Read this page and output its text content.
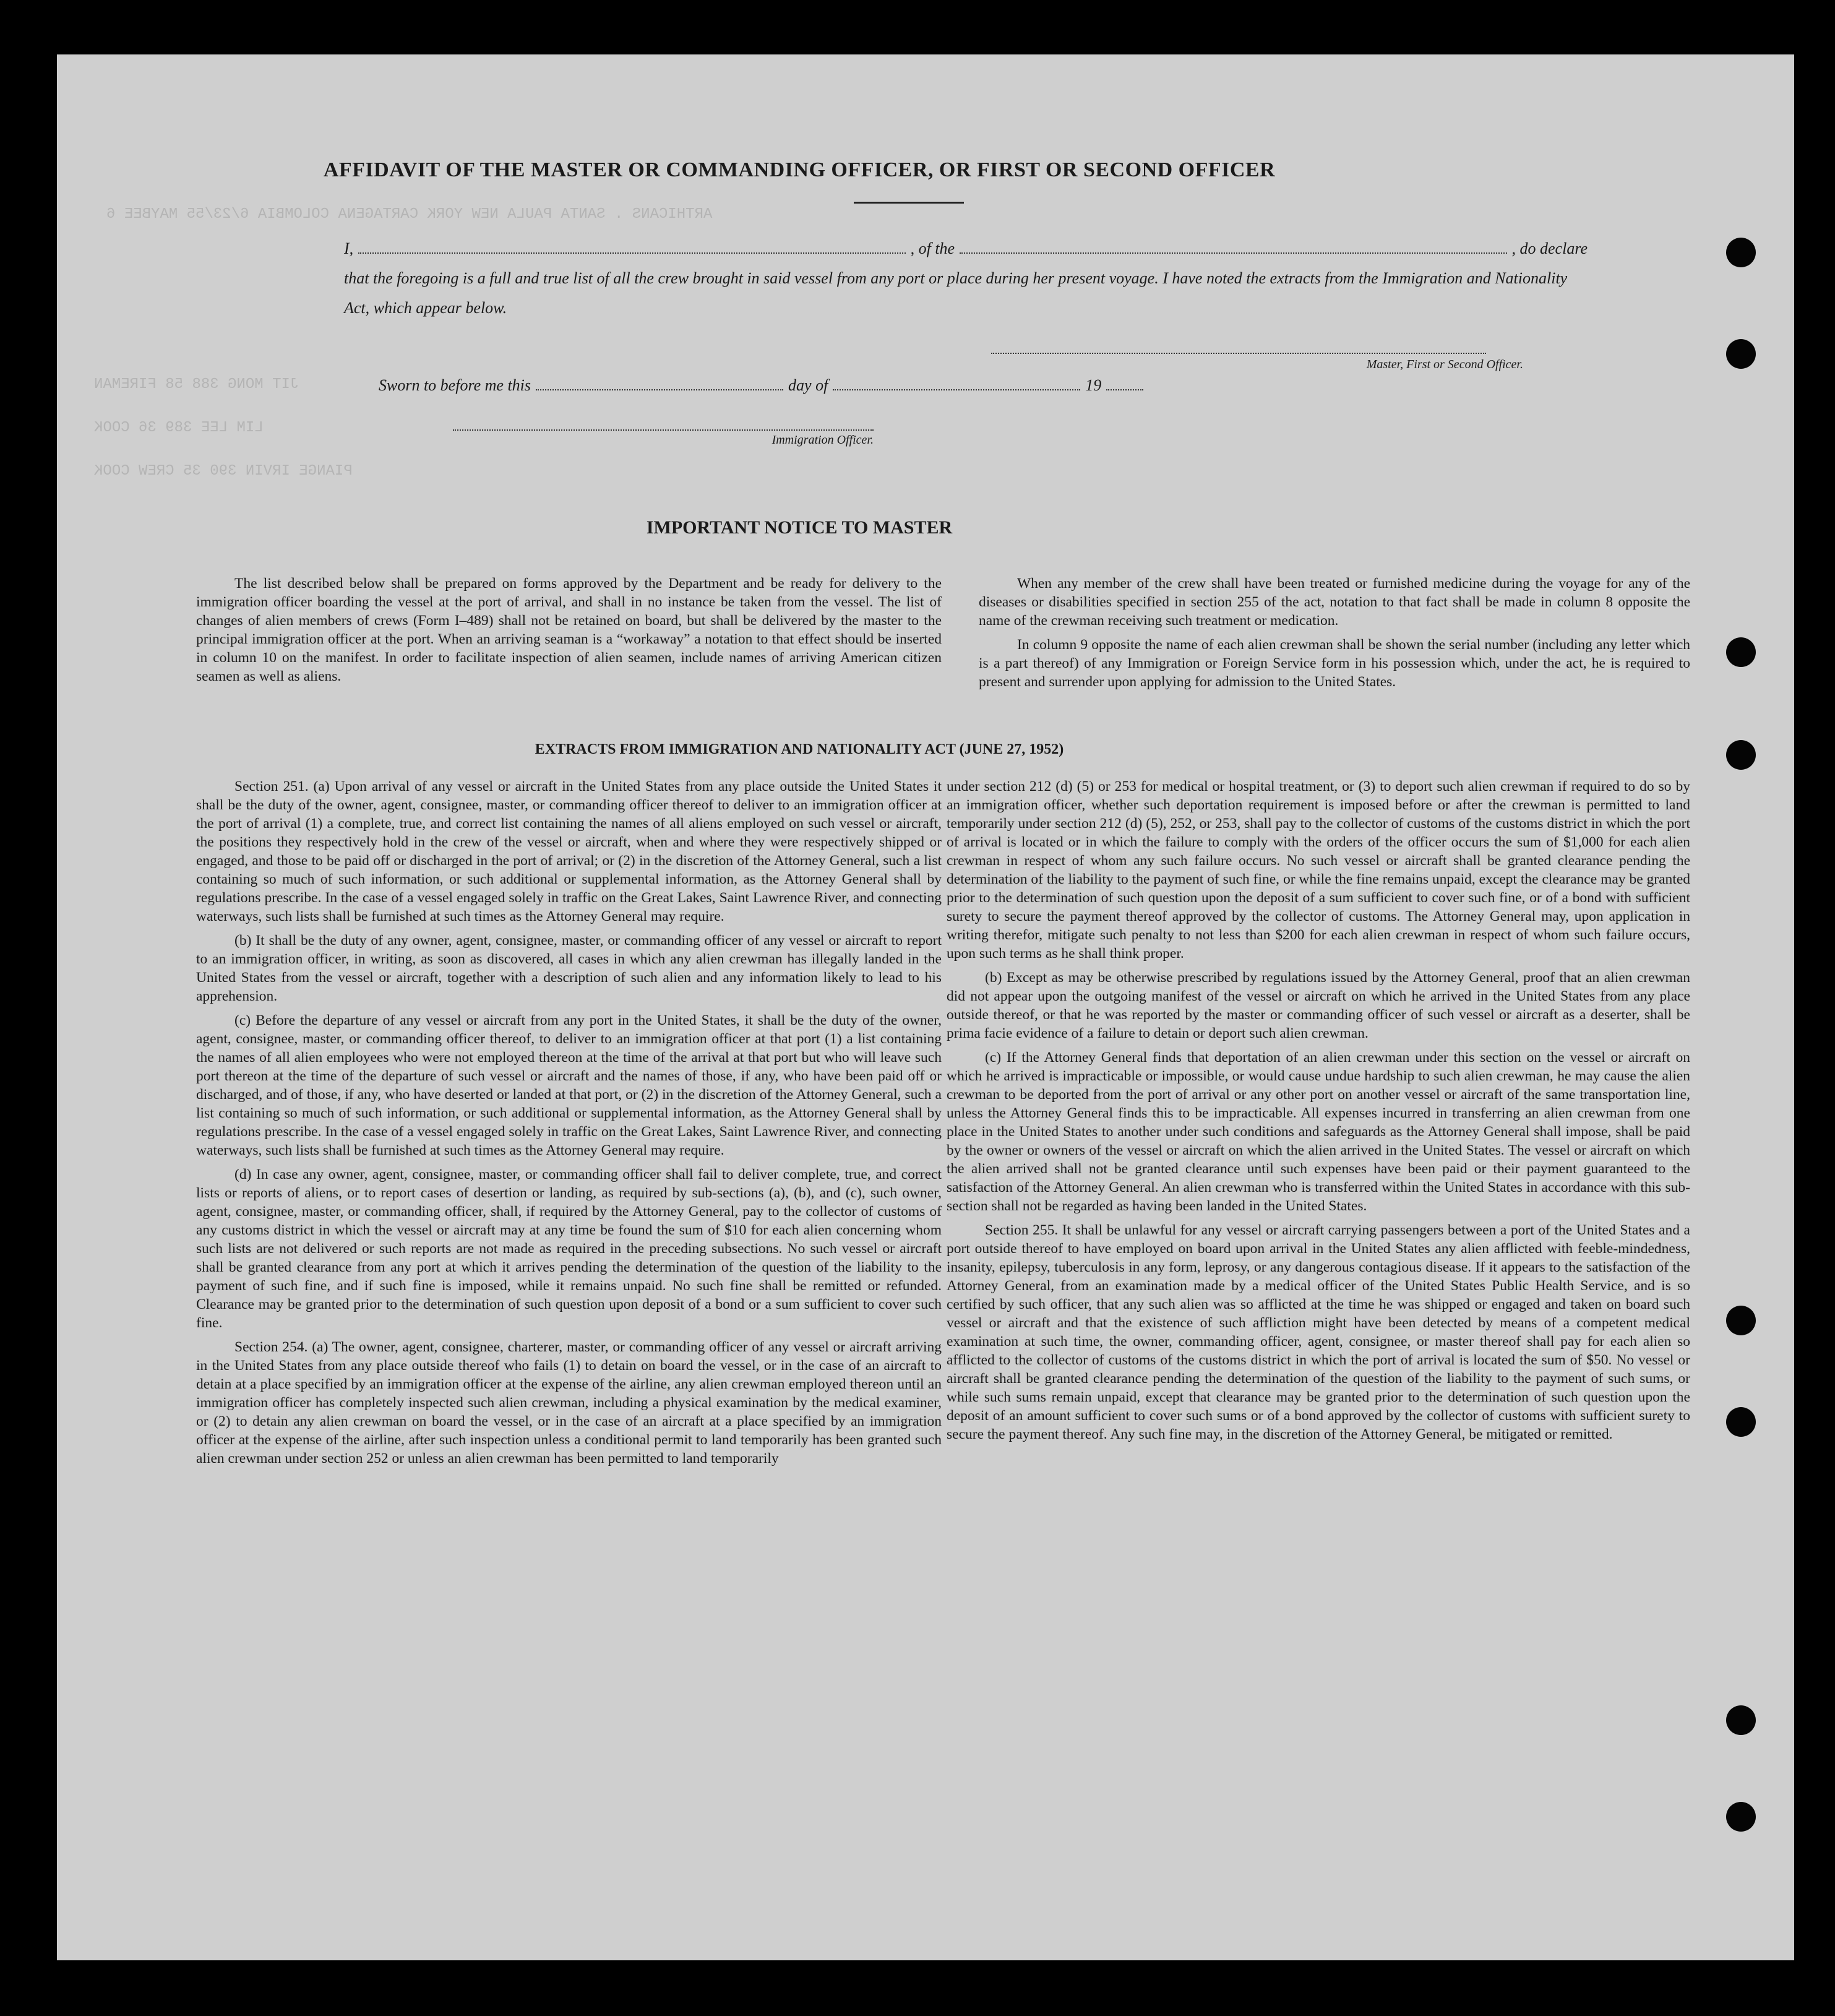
ARTHICANS . SANTA PAULA NEW YORK CARTAGENA COLOMBIA 6/23/55 MAYBEE 6
JIT MONG 388 58 FIREMAN
LIM LEE 389 36 COOK
PIANGE IRVIN 390 35 CREW COOK
AFFIDAVIT OF THE MASTER OR COMMANDING OFFICER, OR FIRST OR SECOND OFFICER
I,	, of the	, do declare
that the foregoing is a full and true list of all the crew brought in said vessel from any port or place during her present voyage. I have noted the extracts from the Immigration and Nationality Act, which appear below.
Master, First or Second Officer.
Sworn to before me this	day of	19
Immigration Officer.
IMPORTANT NOTICE TO MASTER

The list described below shall be prepared on forms approved by the Department and be ready for delivery to the immigration officer boarding the vessel at the port of arrival, and shall in no instance be taken from the vessel. The list of changes of alien members of crews (Form I–489) shall not be retained on board, but shall be delivered by the master to the principal immigration officer at the port. When an arriving seaman is a “workaway” a notation to that effect should be inserted in column 10 on the manifest. In order to facilitate inspection of alien seamen, include names of arriving American citizen seamen as well as aliens.

When any member of the crew shall have been treated or furnished medicine during the voyage for any of the diseases or disabilities specified in section 255 of the act, notation to that fact shall be made in column 8 opposite the name of the crewman receiving such treatment or medication.

In column 9 opposite the name of each alien crewman shall be shown the serial number (including any letter which is a part thereof) of any Immigration or Foreign Service form in his possession which, under the act, he is required to present and surrender upon applying for admission to the United States.

EXTRACTS FROM IMMIGRATION AND NATIONALITY ACT (JUNE 27, 1952)

Section 251. (a) Upon arrival of any vessel or aircraft in the United States from any place outside the United States it shall be the duty of the owner, agent, consignee, master, or commanding officer thereof to deliver to an immigration officer at the port of arrival (1) a complete, true, and correct list containing the names of all aliens employed on such vessel or aircraft, the positions they respectively hold in the crew of the vessel or aircraft, when and where they were respectively shipped or engaged, and those to be paid off or discharged in the port of arrival; or (2) in the discretion of the Attorney General, such a list containing so much of such information, or such additional or supplemental information, as the Attorney General shall by regulations prescribe. In the case of a vessel engaged solely in traffic on the Great Lakes, Saint Lawrence River, and connecting waterways, such lists shall be furnished at such times as the Attorney General may require.

(b) It shall be the duty of any owner, agent, consignee, master, or commanding officer of any vessel or aircraft to report to an immigration officer, in writing, as soon as discovered, all cases in which any alien crewman has illegally landed in the United States from the vessel or aircraft, together with a description of such alien and any information likely to lead to his apprehension.

(c) Before the departure of any vessel or aircraft from any port in the United States, it shall be the duty of the owner, agent, consignee, master, or commanding officer thereof, to deliver to an immigration officer at that port (1) a list containing the names of all alien employees who were not employed thereon at the time of the arrival at that port but who will leave such port thereon at the time of the departure of such vessel or aircraft and the names of those, if any, who have been paid off or discharged, and of those, if any, who have deserted or landed at that port, or (2) in the discretion of the Attorney General, such a list containing so much of such information, or such additional or supplemental information, as the Attorney General shall by regulations prescribe. In the case of a vessel engaged solely in traffic on the Great Lakes, Saint Lawrence River, and connecting waterways, such lists shall be furnished at such times as the Attorney General may require.

(d) In case any owner, agent, consignee, master, or commanding officer shall fail to deliver complete, true, and correct lists or reports of aliens, or to report cases of desertion or landing, as required by sub-sections (a), (b), and (c), such owner, agent, consignee, master, or commanding officer, shall, if required by the Attorney General, pay to the collector of customs of any customs district in which the vessel or aircraft may at any time be found the sum of $10 for each alien concerning whom such lists are not delivered or such reports are not made as required in the preceding subsections. No such vessel or aircraft shall be granted clearance from any port at which it arrives pending the determination of the question of the liability to the payment of such fine, and if such fine is imposed, while it remains unpaid. No such fine shall be remitted or refunded. Clearance may be granted prior to the determination of such question upon deposit of a bond or a sum sufficient to cover such fine.

Section 254. (a) The owner, agent, consignee, charterer, master, or commanding officer of any vessel or aircraft arriving in the United States from any place outside thereof who fails (1) to detain on board the vessel, or in the case of an aircraft to detain at a place specified by an immigration officer at the expense of the airline, any alien crewman employed thereon until an immigration officer has completely inspected such alien crewman, including a physical examination by the medical examiner, or (2) to detain any alien crewman on board the vessel, or in the case of an aircraft at a place specified by an immigration officer at the expense of the airline, after such inspection unless a conditional permit to land temporarily has been granted such alien crewman under section 252 or unless an alien crewman has been permitted to land temporarily

under section 212 (d) (5) or 253 for medical or hospital treatment, or (3) to deport such alien crewman if required to do so by an immigration officer, whether such deportation requirement is imposed before or after the crewman is permitted to land temporarily under section 212 (d) (5), 252, or 253, shall pay to the collector of customs of the customs district in which the port of arrival is located or in which the failure to comply with the orders of the officer occurs the sum of $1,000 for each alien crewman in respect of whom any such failure occurs. No such vessel or aircraft shall be granted clearance pending the determination of the liability to the payment of such fine, or while the fine remains unpaid, except the clearance may be granted prior to the determination of such question upon the deposit of a sum sufficient to cover such fine, or of a bond with sufficient surety to secure the payment thereof approved by the collector of customs. The Attorney General may, upon application in writing therefor, mitigate such penalty to not less than $200 for each alien crewman in respect of whom such failure occurs, upon such terms as he shall think proper.

(b) Except as may be otherwise prescribed by regulations issued by the Attorney General, proof that an alien crewman did not appear upon the outgoing manifest of the vessel or aircraft on which he arrived in the United States from any place outside thereof, or that he was reported by the master or commanding officer of such vessel or aircraft as a deserter, shall be prima facie evidence of a failure to detain or deport such alien crewman.

(c) If the Attorney General finds that deportation of an alien crewman under this section on the vessel or aircraft on which he arrived is impracticable or impossible, or would cause undue hardship to such alien crewman, he may cause the alien crewman to be deported from the port of arrival or any other port on another vessel or aircraft of the same transportation line, unless the Attorney General finds this to be impracticable. All expenses incurred in transferring an alien crewman from one place in the United States to another under such conditions and safeguards as the Attorney General shall impose, shall be paid by the owner or owners of the vessel or aircraft on which the alien arrived in the United States. The vessel or aircraft on which the alien arrived shall not be granted clearance until such expenses have been paid or their payment guaranteed to the satisfaction of the Attorney General. An alien crewman who is transferred within the United States in accordance with this sub-section shall not be regarded as having been landed in the United States.

Section 255. It shall be unlawful for any vessel or aircraft carrying passengers between a port of the United States and a port outside thereof to have employed on board upon arrival in the United States any alien afflicted with feeble-mindedness, insanity, epilepsy, tuberculosis in any form, leprosy, or any dangerous contagious disease. If it appears to the satisfaction of the Attorney General, from an examination made by a medical officer of the United States Public Health Service, and is so certified by such officer, that any such alien was so afflicted at the time he was shipped or engaged and taken on board such vessel or aircraft and that the existence of such affliction might have been detected by means of a competent medical examination at such time, the owner, commanding officer, agent, consignee, or master thereof shall pay for each alien so afflicted to the collector of customs of the customs district in which the port of arrival is located the sum of $50. No vessel or aircraft shall be granted clearance pending the determination of the question of the liability to the payment of such sums, or while such sums remain unpaid, except that clearance may be granted prior to the determination of such question upon the deposit of an amount sufficient to cover such sums or of a bond approved by the collector of customs with sufficient surety to secure the payment thereof. Any such fine may, in the discretion of the Attorney General, be mitigated or remitted.
